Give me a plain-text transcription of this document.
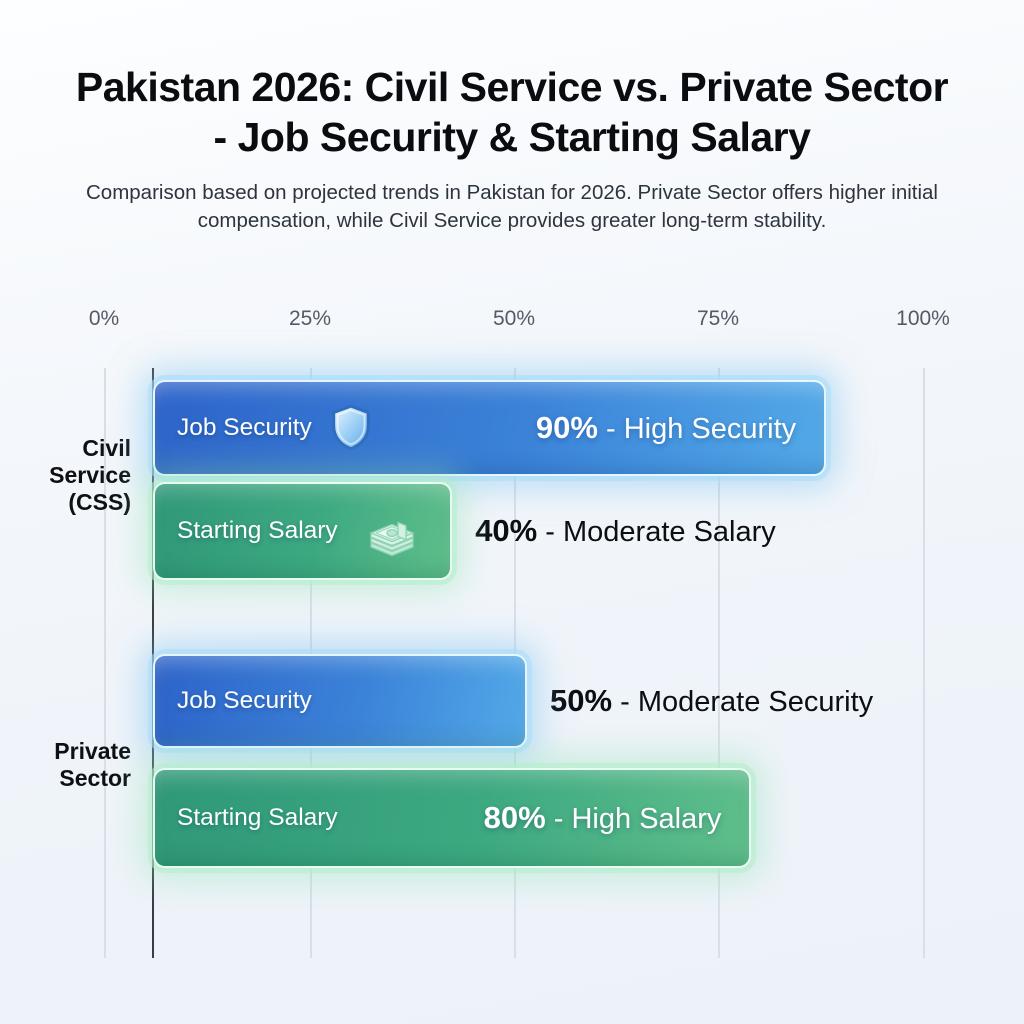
Pakistan 2026: Civil Service vs. Private Sector - Job Security & Starting Salary

Comparison based on projected trends in Pakistan for 2026. Private Sector offers higher initial compensation, while Civil Service provides greater long-term stability.

0%	25%	50%	75%	100%
Civil Service (CSS)
Private Sector
Job Security	90% - High Security
Starting Salary	40% - Moderate Salary
Job Security	50% - Moderate Security
Starting Salary	80% - High Salary
